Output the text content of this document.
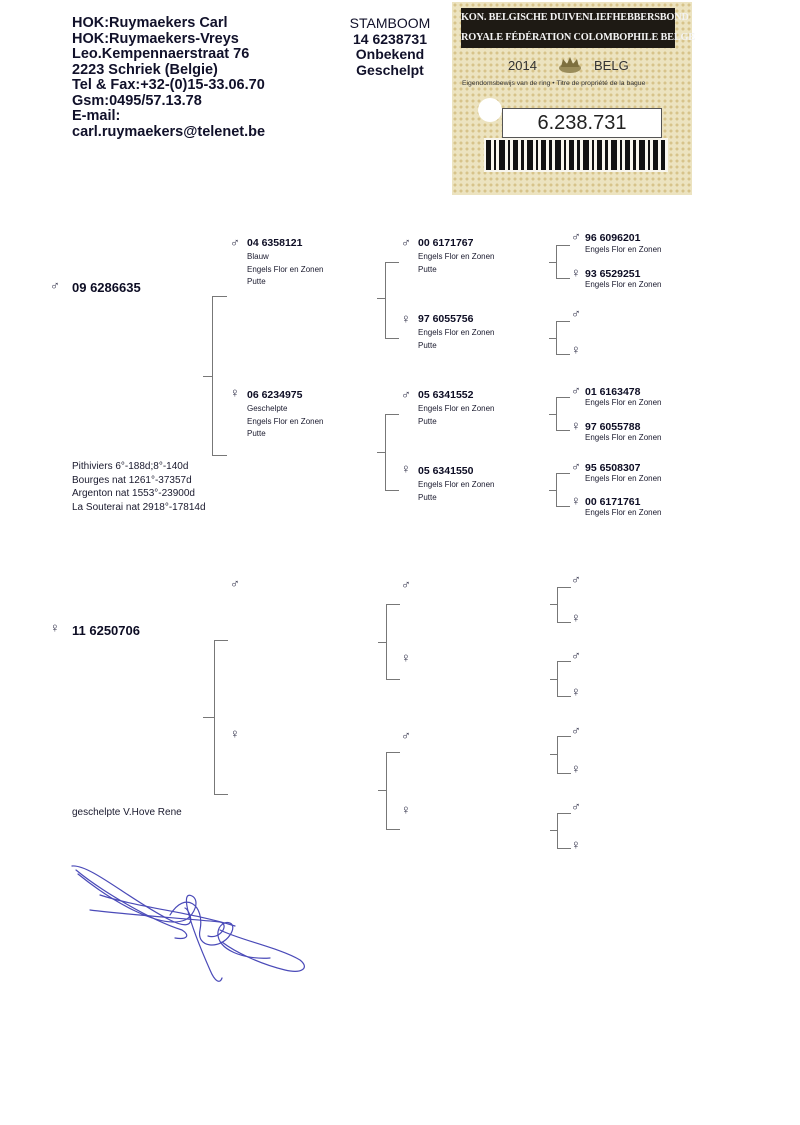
HOK:Ruymaekers Carl
HOK:Ruymaekers-Vreys
Leo.Kempennaerstraat 76
2223 Schriek (Belgie)
Tel & Fax:+32-(0)15-33.06.70
Gsm:0495/57.13.78
E-mail:
carl.ruymaekers@telenet.be
STAMBOOM
14 6238731
Onbekend
Geschelpt
KON. BELGISCHE DUIVENLIEFHEBBERSBOND
ROYALE FÉDÉRATION COLOMBOPHILE BELGE
2014	BELG
Eigendomsbewijs van de ring • Titre de propriété de la bague
6.238.731
♂ 09 6286635
♂ 04 6358121
Blauw
Engels Flor en Zonen
Putte
♀ 06 6234975
Geschelpte
Engels Flor en Zonen
Putte
♂ 00 6171767
Engels Flor en Zonen
Putte
♀ 97 6055756
Engels Flor en Zonen
Putte
♂ 05 6341552
Engels Flor en Zonen
Putte
♀ 05 6341550
Engels Flor en Zonen
Putte
♂ 96 6096201
Engels Flor en Zonen
♀ 93 6529251
Engels Flor en Zonen
♂
♀
♂ 01 6163478
Engels Flor en Zonen
♀ 97 6055788
Engels Flor en Zonen
♂ 95 6508307
Engels Flor en Zonen
♀ 00 6171761
Engels Flor en Zonen
Pithiviers 6°-188d;8°-140d
Bourges nat 1261°-37357d
Argenton nat 1553°-23900d
La Souterai nat 2918°-17814d
♀ 11 6250706
♂
♀
♂
♀
♂
♀
♂
♀
♂
♀
♂
♀
♂
♀
geschelpte V.Hove Rene
